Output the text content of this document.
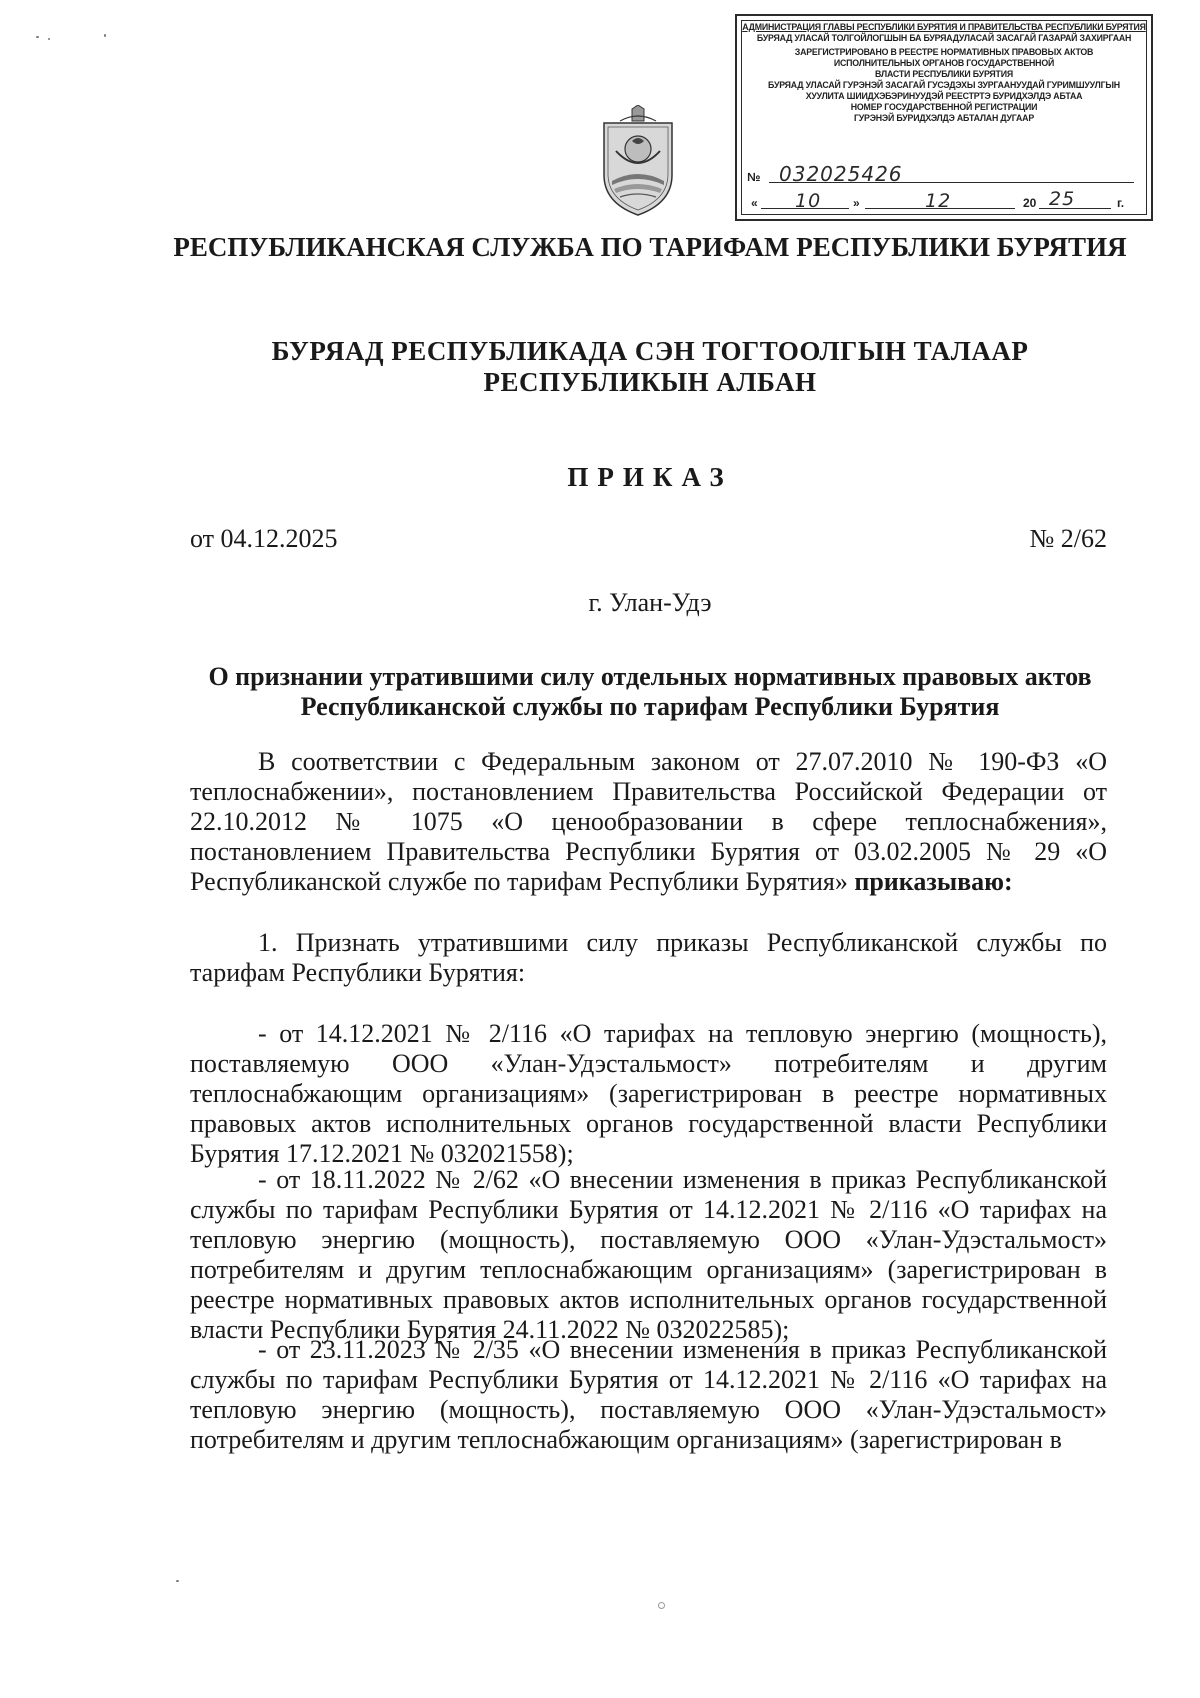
АДМИНИСТРАЦИЯ ГЛАВЫ РЕСПУБЛИКИ БУРЯТИЯ И ПРАВИТЕЛЬСТВА РЕСПУБЛИКИ БУРЯТИЯ
БУРЯАД УЛАСАЙ ТОЛГОЙЛОГШЫН БА БУРЯАДУЛАСАЙ ЗАСАГАЙ ГАЗАРАЙ ЗАХИРГААН
ЗАРЕГИСТРИРОВАНО В РЕЕСТРЕ НОРМАТИВНЫХ ПРАВОВЫХ АКТОВ
ИСПОЛНИТЕЛЬНЫХ ОРГАНОВ ГОСУДАРСТВЕННОЙ
ВЛАСТИ РЕСПУБЛИКИ БУРЯТИЯ
БУРЯАД УЛАСАЙ ГУРЭНЭЙ ЗАСАГАЙ ГУСЭДЭХЫ ЗУРГААНУУДАЙ ГУРИМШУУЛГЫН
ХУУЛИТА ШИИДХЭБЭРИНУУДЭЙ РЕЕСТРТЭ БУРИДХЭЛДЭ АБТАА
НОМЕР ГОСУДАРСТВЕННОЙ РЕГИСТРАЦИИ
ГУРЭНЭЙ БУРИДХЭЛДЭ АБТАЛАН ДУГААР
№ 032025426
« 10	»	12	20 25	г.
РЕСПУБЛИКАНСКАЯ СЛУЖБА ПО ТАРИФАМ РЕСПУБЛИКИ БУРЯТИЯ
БУРЯАД РЕСПУБЛИКАДА СЭН ТОГТООЛГЫН ТАЛААР РЕСПУБЛИКЫН АЛБАН
ПРИКАЗ
от 04.12.2025	№ 2/62
г. Улан-Удэ
О признании утратившими силу отдельных нормативных правовых актов Республиканской службы по тарифам Республики Бурятия

В соответствии с Федеральным законом от 27.07.2010 № 190-ФЗ «О теплоснабжении», постановлением Правительства Российской Федерации от 22.10.2012 № 1075 «О ценообразовании в сфере теплоснабжения», постановлением Правительства Республики Бурятия от 03.02.2005 № 29 «О Республиканской службе по тарифам Республики Бурятия» приказываю:

1. Признать утратившими силу приказы Республиканской службы по тарифам Республики Бурятия:

- от 14.12.2021 № 2/116 «О тарифах на тепловую энергию (мощность), поставляемую ООО «Улан-Удэстальмост» потребителям и другим теплоснабжающим организациям» (зарегистрирован в реестре нормативных правовых актов исполнительных органов государственной власти Республики Бурятия 17.12.2021 № 032021558);

- от 18.11.2022 № 2/62 «О внесении изменения в приказ Республиканской службы по тарифам Республики Бурятия от 14.12.2021 № 2/116 «О тарифах на тепловую энергию (мощность), поставляемую ООО «Улан-Удэстальмост» потребителям и другим теплоснабжающим организациям» (зарегистрирован в реестре нормативных правовых актов исполнительных органов государственной власти Республики Бурятия 24.11.2022 № 032022585);

- от 23.11.2023 № 2/35 «О внесении изменения в приказ Республиканской службы по тарифам Республики Бурятия от 14.12.2021 № 2/116 «О тарифах на тепловую энергию (мощность), поставляемую ООО «Улан-Удэстальмост» потребителям и другим теплоснабжающим организациям» (зарегистрирован в
